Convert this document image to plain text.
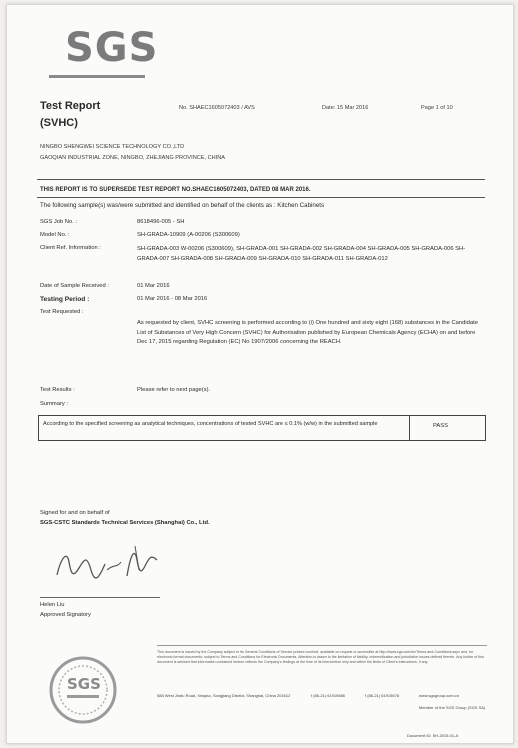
SGS
Test Report
(SVHC)
No. SHAEC1605072403 / AVS	Date: 15 Mar 2016	Page 1 of 10
NINGBO SHENGWEI SCIENCE TECHNOLOGY CO.,LTD
GAOQIAN INDUSTRIAL ZONE, NINGBO, ZHEJIANG PROVINCE, CHINA
THIS REPORT IS TO SUPERSEDE TEST REPORT NO.SHAEC1605072403, DATED 08 MAR 2016.
The following sample(s) was/were submitted and identified on behalf of the clients as : Kitchen Cabinets
SGS Job No. :	8618496-005 - SH
Model No. :	SH-GRADA-10909 (A-00206 (S300609)
Client Ref. Information :	SH-GRADA-003 W-00206 (S300609), SH-GRADA-001 SH-GRADA-002 SH-GRADA-004 SH-GRADA-005 SH-GRADA-006 SH-GRADA-007 SH-GRADA-008 SH-GRADA-009 SH-GRADA-010 SH-GRADA-011 SH-GRADA-012
Date of Sample Received :	01 Mar 2016
Testing Period :	01 Mar 2016 - 08 Mar 2016
Test Requested :
As requested by client, SVHC screening is performed according to (i) One hundred and sixty eight (168) substances in the Candidate List of Substances of Very High Concern (SVHC) for Authorisation published by European Chemicals Agency (ECHA) on and before Dec 17, 2015 regarding Regulation (EC) No 1907/2006 concerning the REACH.
Test Results :	Please refer to next page(s).
Summary :
According to the specified screening as analytical techniques, concentrations of tested SVHC are ≤ 0.1% (w/w) in the submitted sample	PASS
Signed for and on behalf of
SGS-CSTC Standards Technical Services (Shanghai) Co., Ltd.
Helen Liu
Approved Signatory
SGS
This document is issued by the Company subject to its General Conditions of Service printed overleaf, available on request or accessible at http://www.sgs.com/en/Terms-and-Conditions.aspx and, for electronic format documents, subject to Terms and Conditions for Electronic Documents. Attention is drawn to the limitation of liability, indemnification and jurisdiction issues defined therein. Any holder of this document is advised that information contained hereon reflects the Company's findings at the time of its intervention only and within the limits of Client's instructions, if any.
588 West Jindu Road, Xinqiao, Songjiang District, Shanghai, China 201612	t (86-21) 61915666	f (86-21) 61915678	www.sgsgroup.com.cn
Member of the SGS Group (SGS SA)
Document ID: SH-2015-01-A
